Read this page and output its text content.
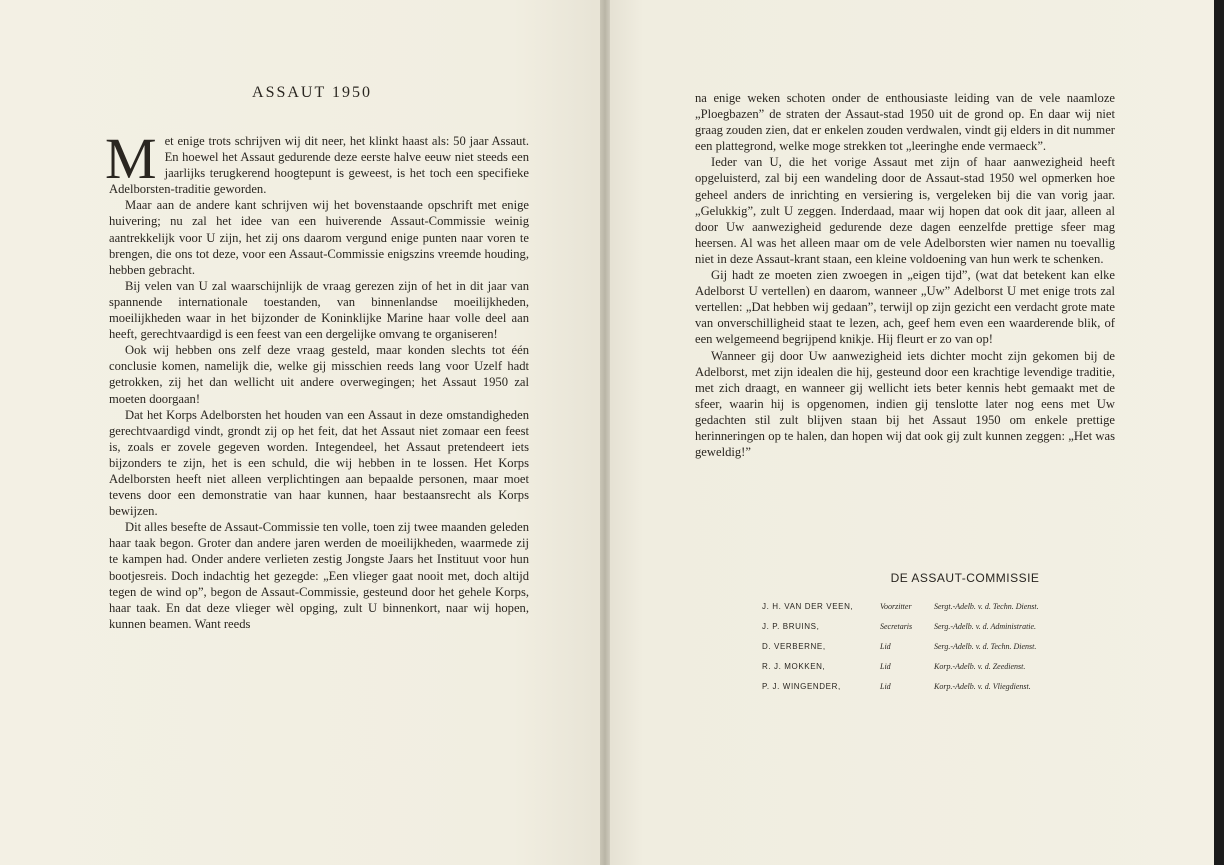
ASSAUT 1950

Met enige trots schrijven wij dit neer, het klinkt haast als: 50 jaar Assaut. En hoewel het Assaut gedurende deze eerste halve eeuw niet steeds een jaarlijks terugkerend hoogtepunt is geweest, is het toch een specifieke Adelborsten-traditie geworden.

Maar aan de andere kant schrijven wij het bovenstaande opschrift met enige huivering; nu zal het idee van een huiverende Assaut-Commissie weinig aantrekkelijk voor U zijn, het zij ons daarom vergund enige punten naar voren te brengen, die ons tot deze, voor een Assaut-Commissie enigszins vreemde houding, hebben gebracht.

Bij velen van U zal waarschijnlijk de vraag gerezen zijn of het in dit jaar van spannende internationale toestanden, van binnenlandse moeilijkheden, moeilijkheden waar in het bijzonder de Koninklijke Marine haar volle deel aan heeft, gerechtvaardigd is een feest van een dergelijke omvang te organiseren!

Ook wij hebben ons zelf deze vraag gesteld, maar konden slechts tot één conclusie komen, namelijk die, welke gij misschien reeds lang voor Uzelf hadt getrokken, zij het dan wellicht uit andere overwegingen; het Assaut 1950 zal moeten doorgaan!

Dat het Korps Adelborsten het houden van een Assaut in deze omstandigheden gerechtvaardigd vindt, grondt zij op het feit, dat het Assaut niet zomaar een feest is, zoals er zovele gegeven worden. Integendeel, het Assaut pretendeert iets bijzonders te zijn, het is een schuld, die wij hebben in te lossen. Het Korps Adelborsten heeft niet alleen verplichtingen aan bepaalde personen, maar moet tevens door een demonstratie van haar kunnen, haar bestaansrecht als Korps bewijzen.

Dit alles besefte de Assaut-Commissie ten volle, toen zij twee maanden geleden haar taak begon. Groter dan andere jaren werden de moeilijkheden, waarmede zij te kampen had. Onder andere verlieten zestig Jongste Jaars het Instituut voor hun bootjesreis. Doch indachtig het gezegde: „Een vlieger gaat nooit met, doch altijd tegen de wind op”, begon de Assaut-Commissie, gesteund door het gehele Korps, haar taak. En dat deze vlieger wèl opging, zult U binnenkort, naar wij hopen, kunnen beamen. Want reeds

na enige weken schoten onder de enthousiaste leiding van de vele naamloze „Ploegbazen” de straten der Assaut-stad 1950 uit de grond op. En daar wij niet graag zouden zien, dat er enkelen zouden verdwalen, vindt gij elders in dit nummer een plattegrond, welke moge strekken tot „leeringhe ende vermaeck”.

Ieder van U, die het vorige Assaut met zijn of haar aanwezigheid heeft opgeluisterd, zal bij een wandeling door de Assaut-stad 1950 wel opmerken hoe geheel anders de inrichting en versiering is, vergeleken bij die van vorig jaar. „Gelukkig”, zult U zeggen. Inderdaad, maar wij hopen dat ook dit jaar, alleen al door Uw aanwezigheid gedurende deze dagen eenzelfde prettige sfeer mag heersen. Al was het alleen maar om de vele Adelborsten wier namen nu toevallig niet in deze Assaut-krant staan, een kleine voldoening van hun werk te schenken.

Gij hadt ze moeten zien zwoegen in „eigen tijd”, (wat dat betekent kan elke Adelborst U vertellen) en daarom, wanneer „Uw” Adelborst U met enige trots zal vertellen: „Dat hebben wij gedaan”, terwijl op zijn gezicht een verdacht grote mate van onverschilligheid staat te lezen, ach, geef hem even een waarderende blik, of een welgemeend begrijpend knikje. Hij fleurt er zo van op!

Wanneer gij door Uw aanwezigheid iets dichter mocht zijn gekomen bij de Adelborst, met zijn idealen die hij, gesteund door een krachtige levendige traditie, met zich draagt, en wanneer gij wellicht iets beter kennis hebt gemaakt met de sfeer, waarin hij is opgenomen, indien gij tenslotte later nog eens met Uw gedachten stil zult blijven staan bij het Assaut 1950 om enkele prettige herinneringen op te halen, dan hopen wij dat ook gij zult kunnen zeggen: „Het was geweldig!”

DE ASSAUT-COMMISSIE
J. H. VAN DER VEEN,	Voorzitter	Sergt.-Adelb. v. d. Techn. Dienst.
J. P. BRUINS,	Secretaris	Serg.-Adelb. v. d. Administratie.
D. VERBERNE,	Lid	Serg.-Adelb. v. d. Techn. Dienst.
R. J. MOKKEN,	Lid	Korp.-Adelb. v. d. Zeedienst.
P. J. WINGENDER,	Lid	Korp.-Adelb. v. d. Vliegdienst.
